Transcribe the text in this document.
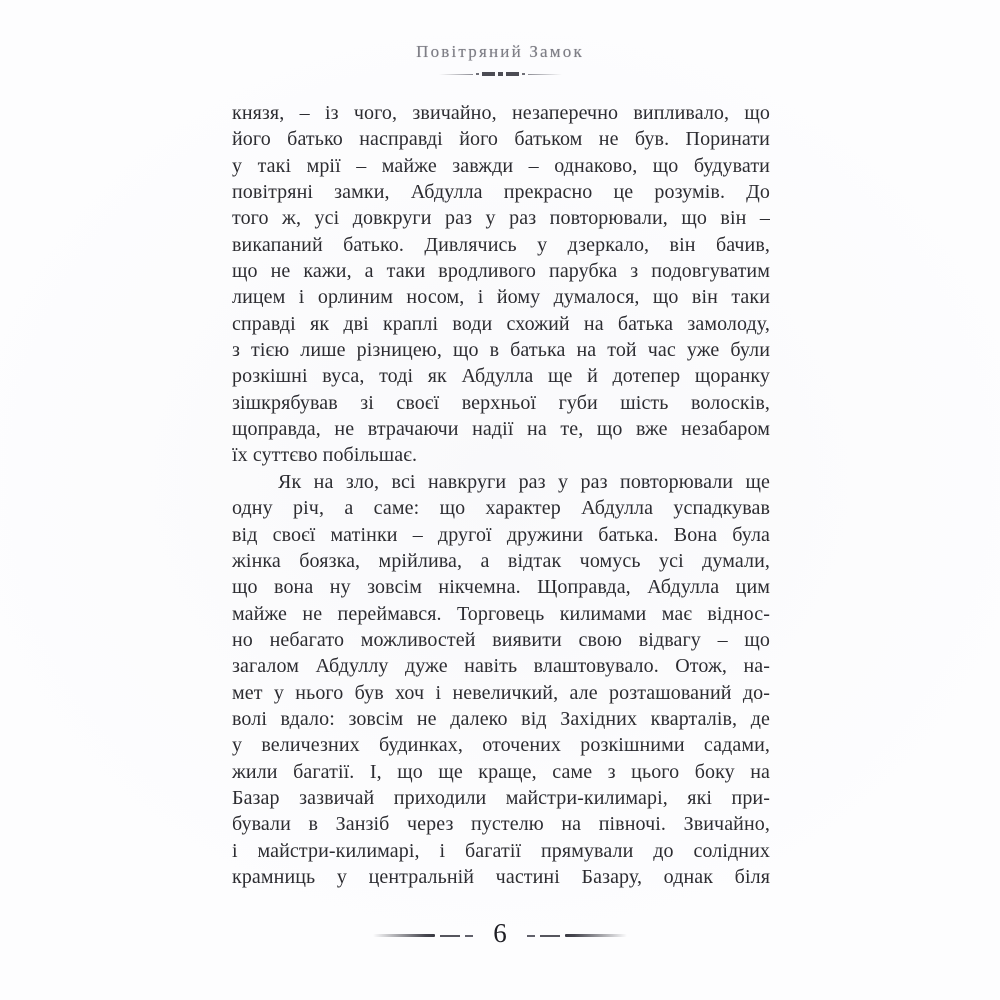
Повітряний Замок
князя, – із чого, звичайно, незаперечно випливало, що
його батько насправді його батьком не був. Поринати
у такі мрії – майже завжди – однаково, що будувати
повітряні замки, Абдулла прекрасно це розумів. До
того ж, усі довкруги раз у раз повторювали, що він –
викапаний батько. Дивлячись у дзеркало, він бачив,
що не кажи, а таки вродливого парубка з подовгуватим
лицем і орлиним носом, і йому думалося, що він таки
справді як дві краплі води схожий на батька замолоду,
з тією лише різницею, що в батька на той час уже були
розкішні вуса, тоді як Абдулла ще й дотепер щоранку
зішкрябував зі своєї верхньої губи шість волосків,
щоправда, не втрачаючи надії на те, що вже незабаром
їх суттєво побільшає.
Як на зло, всі навкруги раз у раз повторювали ще
одну річ, а саме: що характер Абдулла успадкував
від своєї матінки – другої дружини батька. Вона була
жінка боязка, мрійлива, а відтак чомусь усі думали,
що вона ну зовсім нікчемна. Щоправда, Абдулла цим
майже не переймався. Торговець килимами має віднос-
но небагато можливостей виявити свою відвагу – що
загалом Абдуллу дуже навіть влаштовувало. Отож, на-
мет у нього був хоч і невеличкий, але розташований до-
волі вдало: зовсім не далеко від Західних кварталів, де
у величезних будинках, оточених розкішними садами,
жили багатії. І, що ще краще, саме з цього боку на
Базар зазвичай приходили майстри-килимарі, які при-
бували в Занзіб через пустелю на півночі. Звичайно,
і майстри-килимарі, і багатії прямували до солідних
крамниць у центральній частині Базару, однак біля
6
